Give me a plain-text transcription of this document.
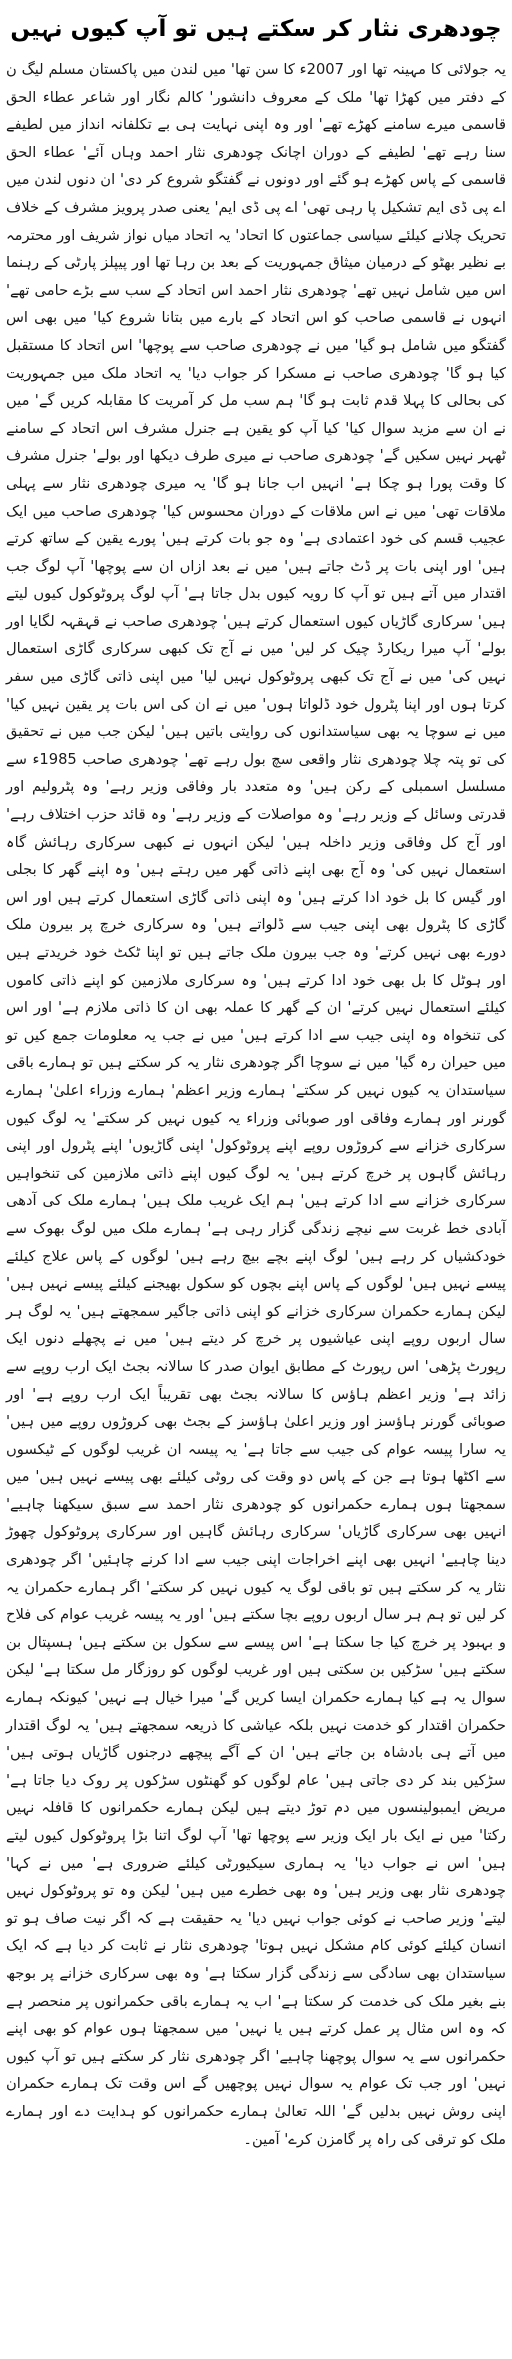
چودھری نثار کر سکتے ہیں تو آپ کیوں نہیں

یہ جولائی کا مہینہ تھا اور 2007ء کا سن تھا' میں لندن میں پاکستان مسلم لیگ ن کے دفتر میں کھڑا تھا' ملک کے معروف دانشور' کالم نگار اور شاعر عطاء الحق قاسمی میرے سامنے کھڑے تھے' اور وہ اپنی نہایت ہی بے تکلفانہ انداز میں لطیفے سنا رہے تھے' لطیفے کے دوران اچانک چودھری نثار احمد وہاں آئے' عطاء الحق قاسمی کے پاس کھڑے ہو گئے اور دونوں نے گفتگو شروع کر دی' ان دنوں لندن میں اے پی ڈی ایم تشکیل پا رہی تھی' اے پی ڈی ایم' یعنی صدر پرویز مشرف کے خلاف تحریک چلانے کیلئے سیاسی جماعتوں کا اتحاد' یہ اتحاد میاں نواز شریف اور محترمہ بے نظیر بھٹو کے درمیان میثاق جمہوریت کے بعد بن رہا تھا اور پیپلز پارٹی کے رہنما اس میں شامل نہیں تھے' چودھری نثار احمد اس اتحاد کے سب سے بڑے حامی تھے' انہوں نے قاسمی صاحب کو اس اتحاد کے بارے میں بتانا شروع کیا' میں بھی اس گفتگو میں شامل ہو گیا' میں نے چودھری صاحب سے پوچھا' اس اتحاد کا مستقبل کیا ہو گا' چودھری صاحب نے مسکرا کر جواب دیا' یہ اتحاد ملک میں جمہوریت کی بحالی کا پہلا قدم ثابت ہو گا' ہم سب مل کر آمریت کا مقابلہ کریں گے' میں نے ان سے مزید سوال کیا' کیا آپ کو یقین ہے جنرل مشرف اس اتحاد کے سامنے ٹھہر نہیں سکیں گے' چودھری صاحب نے میری طرف دیکھا اور بولے' جنرل مشرف کا وقت پورا ہو چکا ہے' انہیں اب جانا ہو گا' یہ میری چودھری نثار سے پہلی ملاقات تھی' میں نے اس ملاقات کے دوران محسوس کیا' چودھری صاحب میں ایک عجیب قسم کی خود اعتمادی ہے' وہ جو بات کرتے ہیں' پورے یقین کے ساتھ کرتے ہیں' اور اپنی بات پر ڈٹ جاتے ہیں' میں نے بعد ازاں ان سے پوچھا' آپ لوگ جب اقتدار میں آتے ہیں تو آپ کا رویہ کیوں بدل جاتا ہے' آپ لوگ پروٹوکول کیوں لیتے ہیں' سرکاری گاڑیاں کیوں استعمال کرتے ہیں' چودھری صاحب نے قہقہہ لگایا اور بولے' آپ میرا ریکارڈ چیک کر لیں' میں نے آج تک کبھی سرکاری گاڑی استعمال نہیں کی' میں نے آج تک کبھی پروٹوکول نہیں لیا' میں اپنی ذاتی گاڑی میں سفر کرتا ہوں اور اپنا پٹرول خود ڈلواتا ہوں' میں نے ان کی اس بات پر یقین نہیں کیا' میں نے سوچا یہ بھی سیاستدانوں کی روایتی باتیں ہیں' لیکن جب میں نے تحقیق کی تو پتہ چلا چودھری نثار واقعی سچ بول رہے تھے' چودھری صاحب 1985ء سے مسلسل اسمبلی کے رکن ہیں' وہ متعدد بار وفاقی وزیر رہے' وہ پٹرولیم اور قدرتی وسائل کے وزیر رہے' وہ مواصلات کے وزیر رہے' وہ قائد حزب اختلاف رہے' اور آج کل وفاقی وزیر داخلہ ہیں' لیکن انہوں نے کبھی سرکاری رہائش گاہ استعمال نہیں کی' وہ آج بھی اپنے ذاتی گھر میں رہتے ہیں' وہ اپنے گھر کا بجلی اور گیس کا بل خود ادا کرتے ہیں' وہ اپنی ذاتی گاڑی استعمال کرتے ہیں اور اس گاڑی کا پٹرول بھی اپنی جیب سے ڈلواتے ہیں' وہ سرکاری خرچ پر بیرون ملک دورے بھی نہیں کرتے' وہ جب بیرون ملک جاتے ہیں تو اپنا ٹکٹ خود خریدتے ہیں اور ہوٹل کا بل بھی خود ادا کرتے ہیں' وہ سرکاری ملازمین کو اپنے ذاتی کاموں کیلئے استعمال نہیں کرتے' ان کے گھر کا عملہ بھی ان کا ذاتی ملازم ہے' اور اس کی تنخواہ وہ اپنی جیب سے ادا کرتے ہیں' میں نے جب یہ معلومات جمع کیں تو میں حیران رہ گیا' میں نے سوچا اگر چودھری نثار یہ کر سکتے ہیں تو ہمارے باقی سیاستدان یہ کیوں نہیں کر سکتے' ہمارے وزیر اعظم' ہمارے وزراء اعلیٰ' ہمارے گورنر اور ہمارے وفاقی اور صوبائی وزراء یہ کیوں نہیں کر سکتے' یہ لوگ کیوں سرکاری خزانے سے کروڑوں روپے اپنے پروٹوکول' اپنی گاڑیوں' اپنے پٹرول اور اپنی رہائش گاہوں پر خرچ کرتے ہیں' یہ لوگ کیوں اپنے ذاتی ملازمین کی تنخواہیں سرکاری خزانے سے ادا کرتے ہیں' ہم ایک غریب ملک ہیں' ہمارے ملک کی آدھی آبادی خط غربت سے نیچے زندگی گزار رہی ہے' ہمارے ملک میں لوگ بھوک سے خودکشیاں کر رہے ہیں' لوگ اپنے بچے بیچ رہے ہیں' لوگوں کے پاس علاج کیلئے پیسے نہیں ہیں' لوگوں کے پاس اپنے بچوں کو سکول بھیجنے کیلئے پیسے نہیں ہیں' لیکن ہمارے حکمران سرکاری خزانے کو اپنی ذاتی جاگیر سمجھتے ہیں' یہ لوگ ہر سال اربوں روپے اپنی عیاشیوں پر خرچ کر دیتے ہیں' میں نے پچھلے دنوں ایک رپورٹ پڑھی' اس رپورٹ کے مطابق ایوان صدر کا سالانہ بجٹ ایک ارب روپے سے زائد ہے' وزیر اعظم ہاؤس کا سالانہ بجٹ بھی تقریباً ایک ارب روپے ہے' اور صوبائی گورنر ہاؤسز اور وزیر اعلیٰ ہاؤسز کے بجٹ بھی کروڑوں روپے میں ہیں' یہ سارا پیسہ عوام کی جیب سے جاتا ہے' یہ پیسہ ان غریب لوگوں کے ٹیکسوں سے اکٹھا ہوتا ہے جن کے پاس دو وقت کی روٹی کیلئے بھی پیسے نہیں ہیں' میں سمجھتا ہوں ہمارے حکمرانوں کو چودھری نثار احمد سے سبق سیکھنا چاہیے' انہیں بھی سرکاری گاڑیاں' سرکاری رہائش گاہیں اور سرکاری پروٹوکول چھوڑ دینا چاہیے' انہیں بھی اپنے اخراجات اپنی جیب سے ادا کرنے چاہئیں' اگر چودھری نثار یہ کر سکتے ہیں تو باقی لوگ یہ کیوں نہیں کر سکتے' اگر ہمارے حکمران یہ کر لیں تو ہم ہر سال اربوں روپے بچا سکتے ہیں' اور یہ پیسہ غریب عوام کی فلاح و بہبود پر خرچ کیا جا سکتا ہے' اس پیسے سے سکول بن سکتے ہیں' ہسپتال بن سکتے ہیں' سڑکیں بن سکتی ہیں اور غریب لوگوں کو روزگار مل سکتا ہے' لیکن سوال یہ ہے کیا ہمارے حکمران ایسا کریں گے' میرا خیال ہے نہیں' کیونکہ ہمارے حکمران اقتدار کو خدمت نہیں بلکہ عیاشی کا ذریعہ سمجھتے ہیں' یہ لوگ اقتدار میں آتے ہی بادشاہ بن جاتے ہیں' ان کے آگے پیچھے درجنوں گاڑیاں ہوتی ہیں' سڑکیں بند کر دی جاتی ہیں' عام لوگوں کو گھنٹوں سڑکوں پر روک دیا جاتا ہے' مریض ایمبولینسوں میں دم توڑ دیتے ہیں لیکن ہمارے حکمرانوں کا قافلہ نہیں رکتا' میں نے ایک بار ایک وزیر سے پوچھا تھا' آپ لوگ اتنا بڑا پروٹوکول کیوں لیتے ہیں' اس نے جواب دیا' یہ ہماری سیکیورٹی کیلئے ضروری ہے' میں نے کہا' چودھری نثار بھی وزیر ہیں' وہ بھی خطرے میں ہیں' لیکن وہ تو پروٹوکول نہیں لیتے' وزیر صاحب نے کوئی جواب نہیں دیا' یہ حقیقت ہے کہ اگر نیت صاف ہو تو انسان کیلئے کوئی کام مشکل نہیں ہوتا' چودھری نثار نے ثابت کر دیا ہے کہ ایک سیاستدان بھی سادگی سے زندگی گزار سکتا ہے' وہ بھی سرکاری خزانے پر بوجھ بنے بغیر ملک کی خدمت کر سکتا ہے' اب یہ ہمارے باقی حکمرانوں پر منحصر ہے کہ وہ اس مثال پر عمل کرتے ہیں یا نہیں' میں سمجھتا ہوں عوام کو بھی اپنے حکمرانوں سے یہ سوال پوچھنا چاہیے' اگر چودھری نثار کر سکتے ہیں تو آپ کیوں نہیں' اور جب تک عوام یہ سوال نہیں پوچھیں گے اس وقت تک ہمارے حکمران اپنی روش نہیں بدلیں گے' اللہ تعالیٰ ہمارے حکمرانوں کو ہدایت دے اور ہمارے ملک کو ترقی کی راہ پر گامزن کرے' آمین۔
